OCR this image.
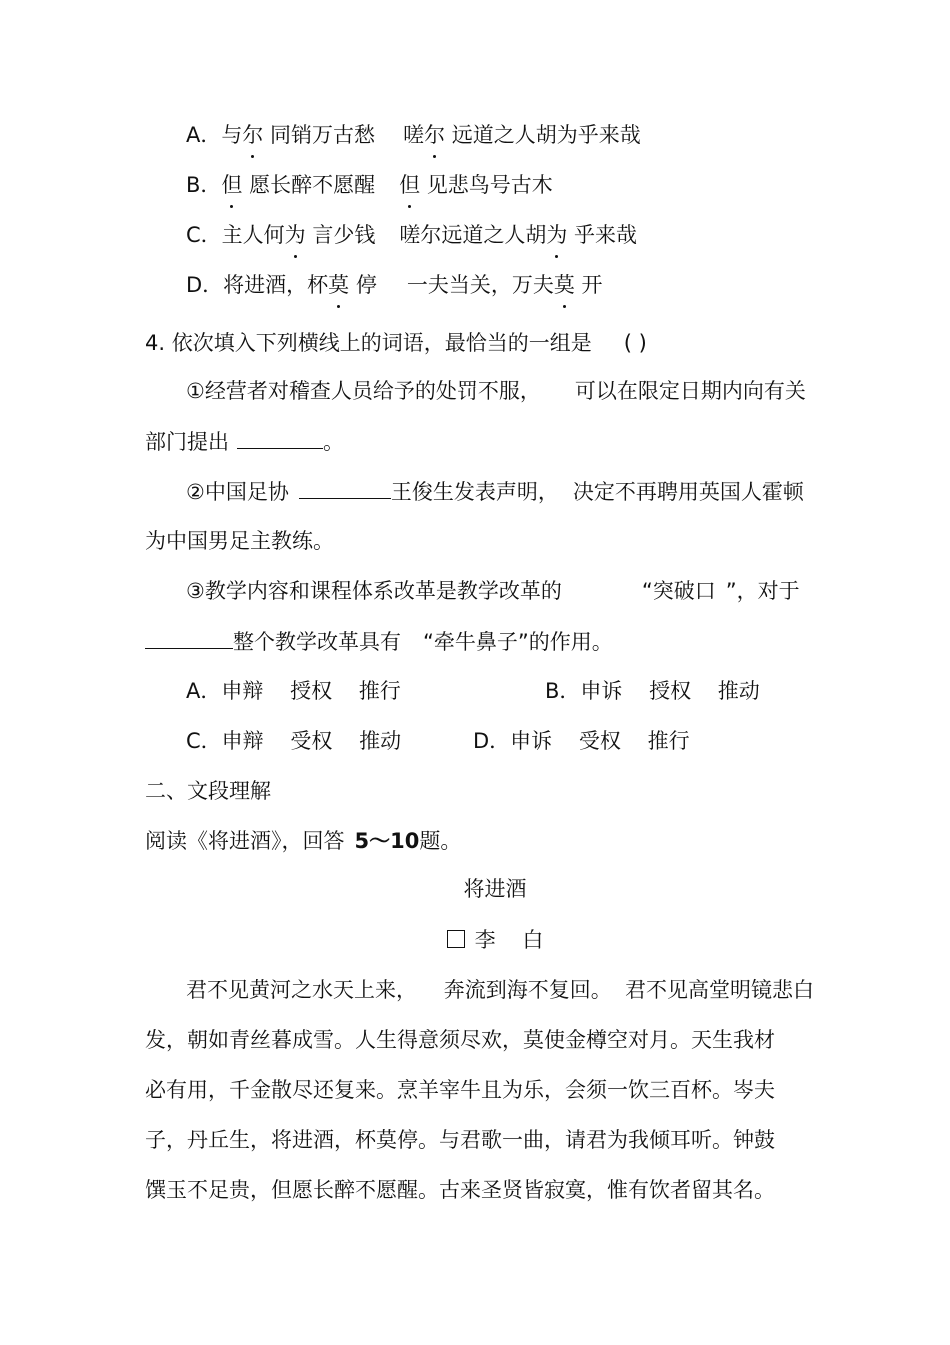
A．与尔 同销万古愁 嗟尔 远道之人胡为乎来哉
B．但 愿长醉不愿醒 但 见悲鸟号古木
C．主人何为 言少钱 嗟尔远道之人胡为 乎来哉
D．将进酒，杯莫 停 一夫当关，万夫莫 开
4. 依次填入下列横线上的词语，最恰当的一组是 ( )
①经营者对稽查人员给予的处罚不服， 可以在限定日期内向有关
部门提出	。
②中国足协	王俊生发表声明， 决定不再聘用英国人霍顿
为中国男足主教练。
③教学内容和课程体系改革是教学改革的	“突破口 ”，对于
整个教学改革具有 “牵牛鼻子”的作用。
A．申辩    授权    推行	B．申诉    授权    推动
C．申辩    受权    推动	D．申诉    受权    推行
二、文段理解
阅读《将进酒》，回答 5～10题。
将进酒
李    白
君不见黄河之水天上来，    奔流到海不复回。  君不见高堂明镜悲白
发，朝如青丝暮成雪。人生得意须尽欢，莫使金樽空对月。天生我材
必有用，千金散尽还复来。烹羊宰牛且为乐，会须一饮三百杯。岑夫
子，丹丘生，将进酒，杯莫停。与君歌一曲，请君为我倾耳听。钟鼓
馔玉不足贵，但愿长醉不愿醒。古来圣贤皆寂寞，惟有饮者留其名。
